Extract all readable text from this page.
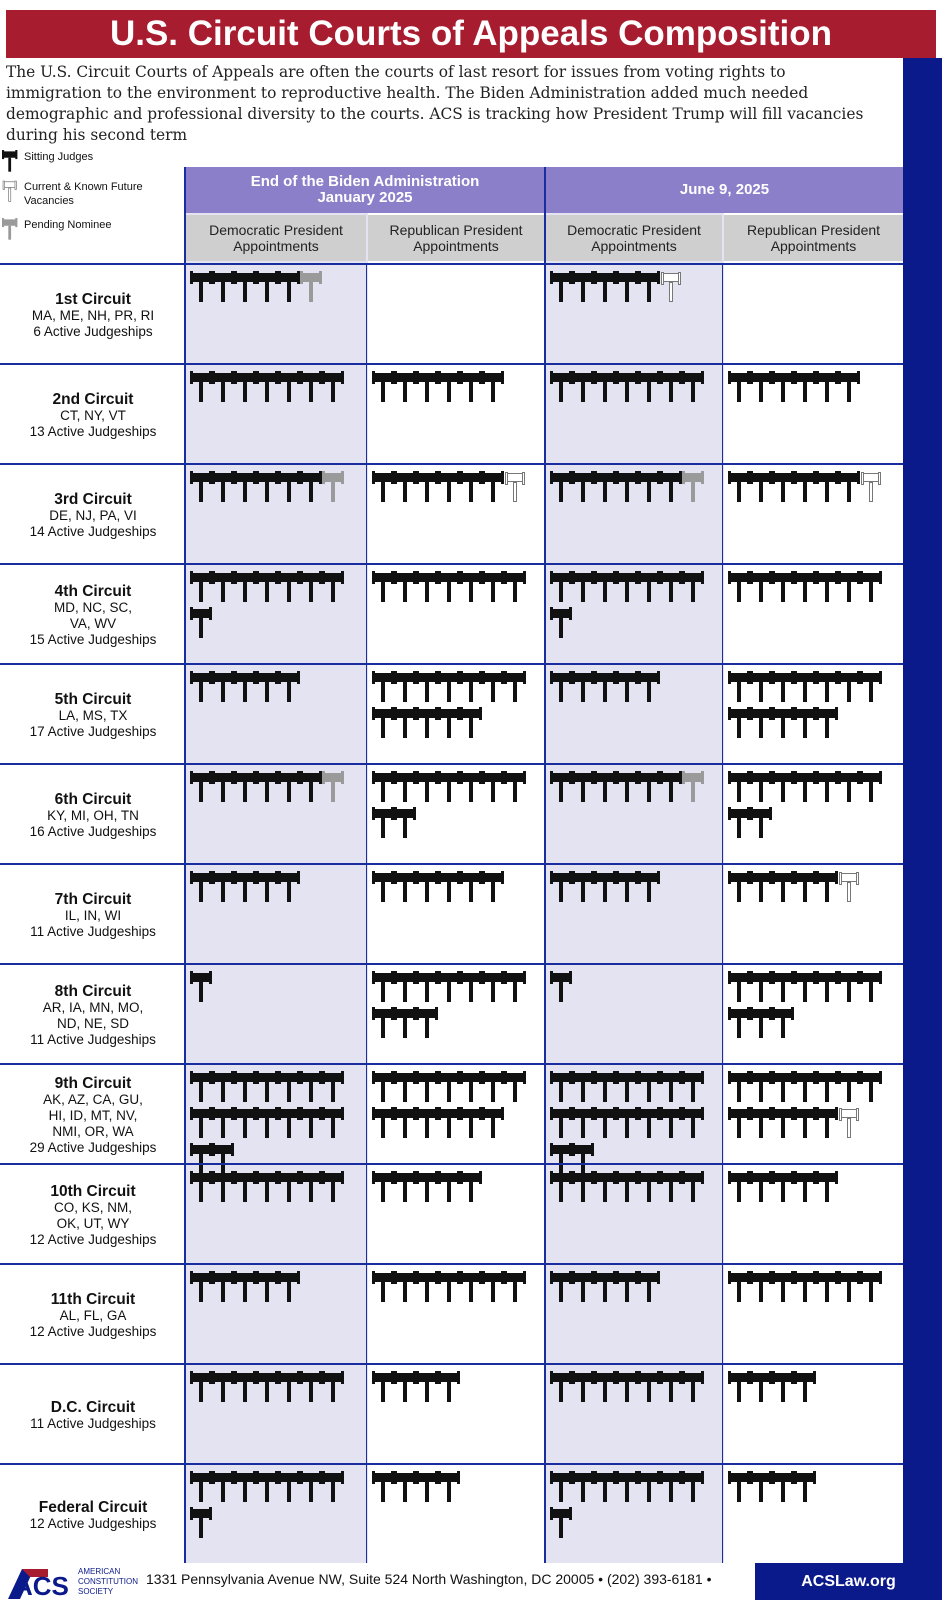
U.S. Circuit Courts of Appeals Composition
The U.S. Circuit Courts of Appeals are often the courts of last resort for issues from voting rights to immigration to the environment to reproductive health. The Biden Administration added much needed demographic and professional diversity to the courts. ACS is tracking how President Trump will fill vacancies during his second term
Sitting Judges
Current & Known Future
Vacancies
Pending Nominee
End of the Biden Administration
January 2025	June 9, 2025
Democratic President
Appointments
Republican President
Appointments
Democratic President
Appointments
Republican President
Appointments
1st Circuit
MA, ME, NH, PR, RI
6 Active Judgeships
2nd Circuit
CT, NY, VT
13 Active Judgeships
3rd Circuit
DE, NJ, PA, VI
14 Active Judgeships
4th Circuit
MD, NC, SC,
VA, WV
15 Active Judgeships
5th Circuit
LA, MS, TX
17 Active Judgeships
6th Circuit
KY, MI, OH, TN
16 Active Judgeships
7th Circuit
IL, IN, WI
11 Active Judgeships
8th Circuit
AR, IA, MN, MO,
ND, NE, SD
11 Active Judgeships
9th Circuit
AK, AZ, CA, GU,
HI, ID, MT, NV,
NMI, OR, WA
29 Active Judgeships
10th Circuit
CO, KS, NM,
OK, UT, WY
12 Active Judgeships
11th Circuit
AL, FL, GA
12 Active Judgeships
D.C. Circuit
11 Active Judgeships
Federal Circuit
12 Active Judgeships
ACS AMERICAN
CONSTITUTION
SOCIETY
1331 Pennsylvania Avenue NW, Suite 524 North Washington, DC 20005 • (202) 393-6181 •	ACSLaw.org
